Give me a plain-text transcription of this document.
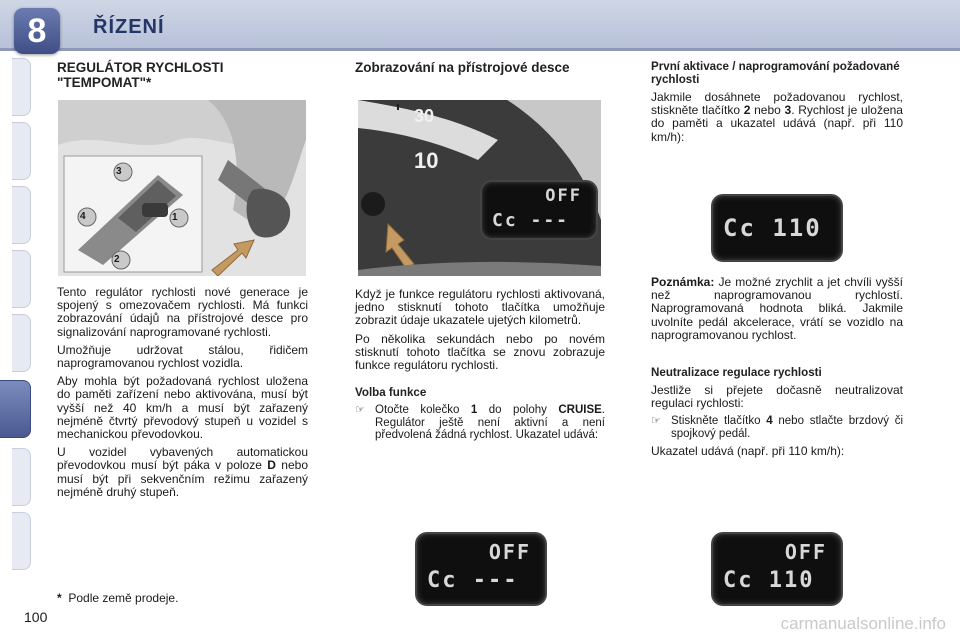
8	ŘÍZENÍ
REGULÁTOR RYCHLOSTI "TEMPOMAT"*
3
4	1
2

Tento regulátor rychlosti nové generace je spojený s omezovačem rychlosti. Má funkci zobrazování údajů na přístrojové desce pro signalizování naprogramované rychlosti.

Umožňuje udržovat stálou, řidičem naprogramovanou rychlost vozidla.

Aby mohla být požadovaná rychlost uložena do paměti zařízení nebo aktivována, musí být vyšší než 40 km/h a musí být zařazený nejméně čtvrtý převodový stupeň u vozidel s mechanickou převodovkou.

U vozidel vybavených automatickou převodovkou musí být páka v poloze D nebo musí být při sekvenčním režimu zařazený nejméně druhý stupeň.

Zobrazování na přístrojové desce
30
10
OFF
Cc ---

Když je funkce regulátoru rychlosti aktivovaná, jedno stisknutí tohoto tlačítka umožňuje zobrazit údaje ukazatele ujetých kilometrů.

Po několika sekundách nebo po novém stisknutí tohoto tlačítka se znovu zobrazuje funkce regulátoru rychlosti.

Volba funkce
☞ Otočte kolečko 1 do polohy CRUISE. Regulátor ještě není aktivní a není předvolená žádná rychlost. Ukazatel udává:
OFF
Cc ---
První aktivace / naprogramování požadované rychlosti

Jakmile dosáhnete požadovanou rychlost, stiskněte tlačítko 2 nebo 3. Rychlost je uložena do paměti a ukazatel udává (např. při 110 km/h):

Cc 110

Poznámka: Je možné zrychlit a jet chvíli vyšší než naprogramovanou rychlostí. Naprogramovaná hodnota bliká. Jakmile uvolníte pedál akcelerace, vrátí se vozidlo na naprogramovanou rychlost.

Neutralizace regulace rychlosti

Jestliže si přejete dočasně neutralizovat regulaci rychlosti:

☞ Stiskněte tlačítko 4 nebo stlačte brzdový či spojkový pedál.

Ukazatel udává (např. při 110 km/h):

OFF
Cc 110
* Podle země prodeje.
100	carmanualsonline.info
